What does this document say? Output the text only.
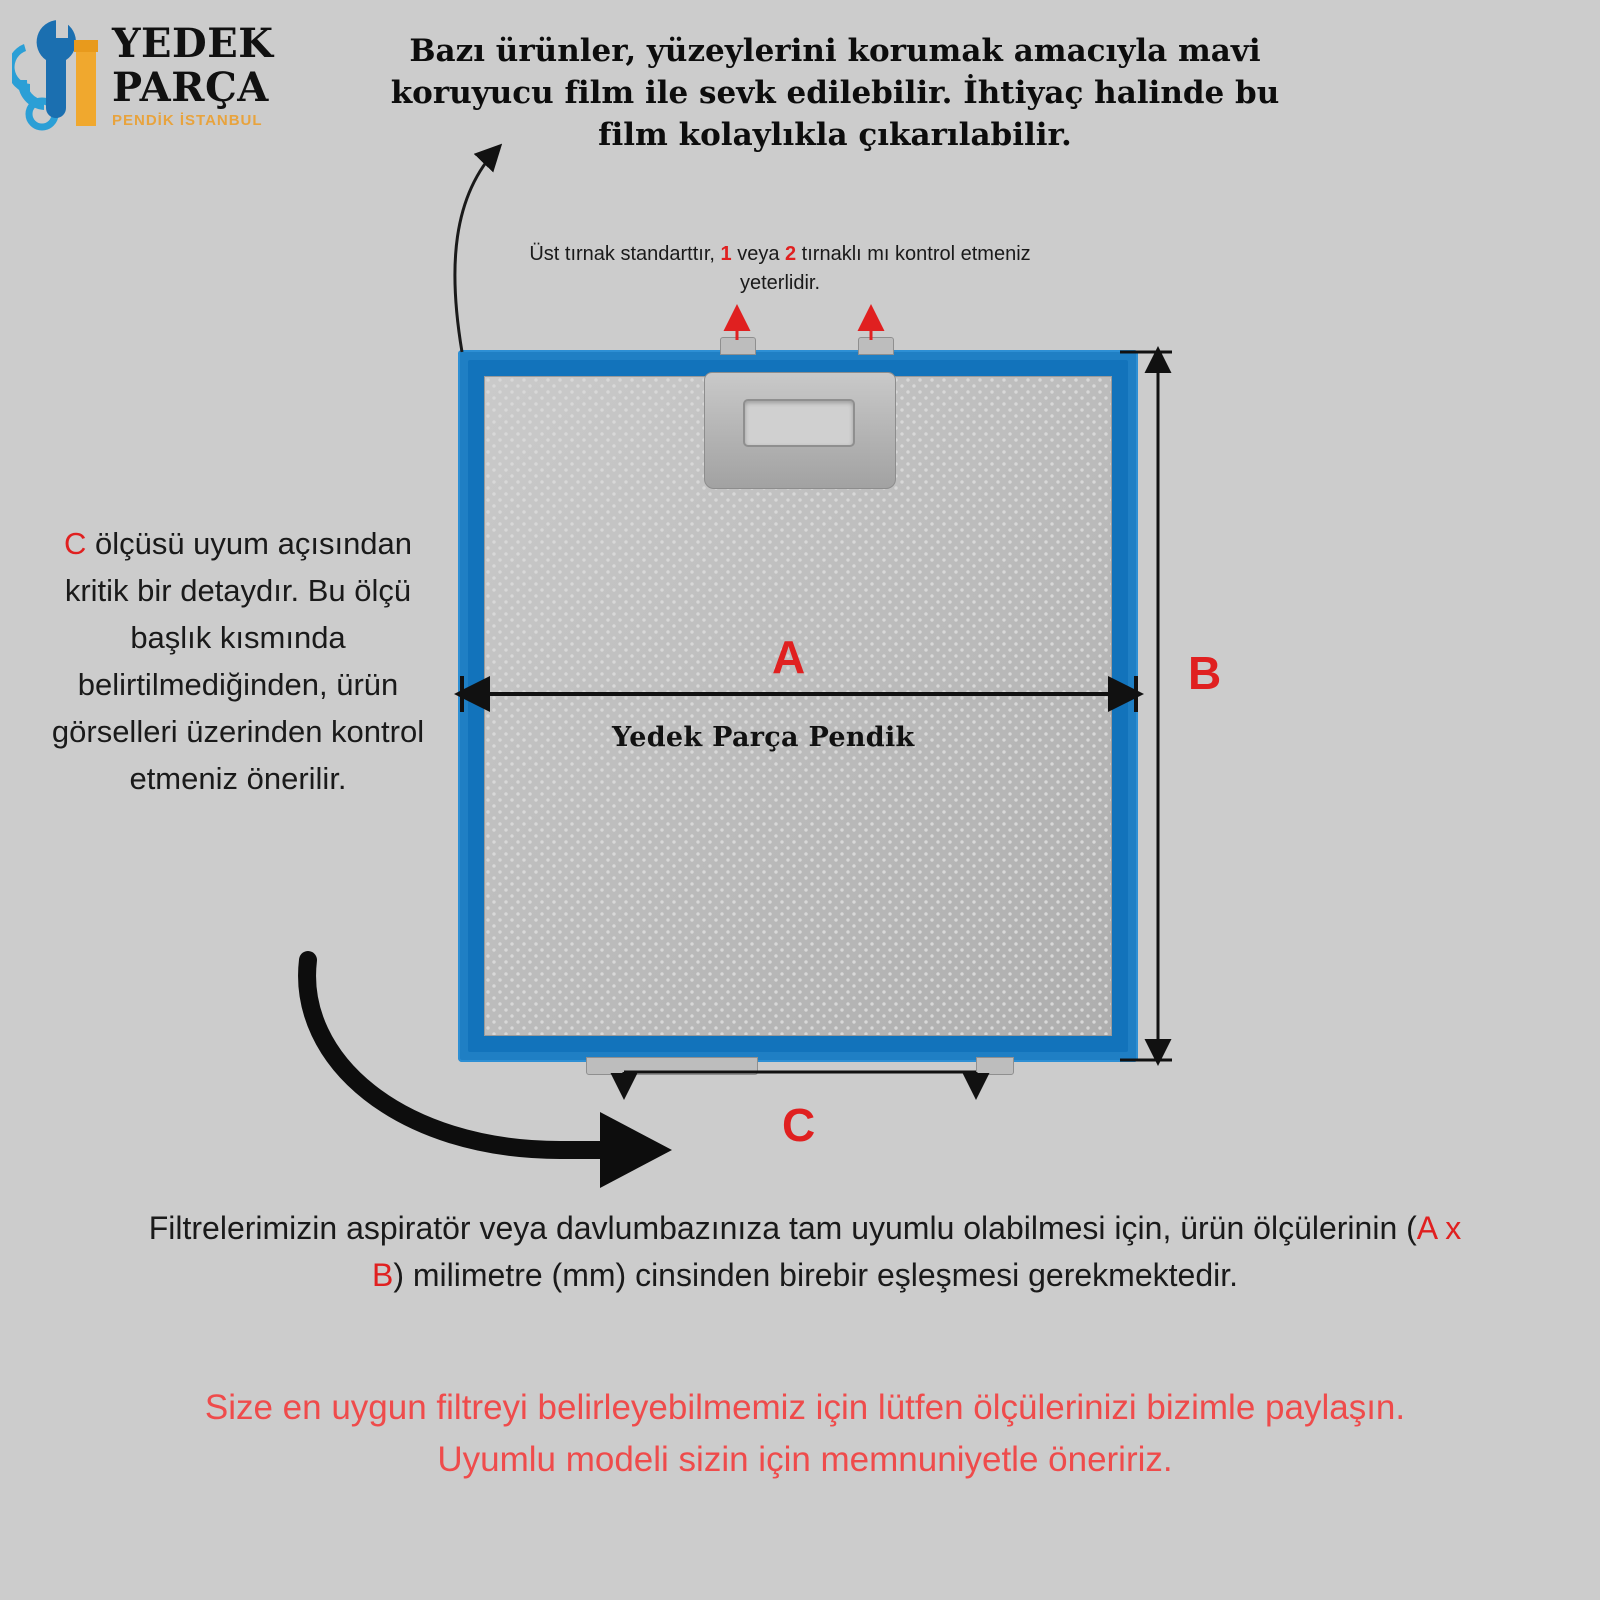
YEDEK
PARÇA
PENDİK İSTANBUL
Bazı ürünler, yüzeylerini korumak amacıyla mavi koruyucu film ile sevk edilebilir. İhtiyaç halinde bu film kolaylıkla çıkarılabilir.
Üst tırnak standarttır, 1 veya 2 tırnaklı mı kontrol etmeniz yeterlidir.
C ölçüsü uyum açısından kritik bir detaydır. Bu ölçü başlık kısmında belirtilmediğinden, ürün görselleri üzerinden kontrol etmeniz önerilir.
A	B
C
Yedek Parça Pendik
Filtrelerimizin aspiratör veya davlumbazınıza tam uyumlu olabilmesi için, ürün ölçülerinin (A x B) milimetre (mm) cinsinden birebir eşleşmesi gerekmektedir.
Size en uygun filtreyi belirleyebilmemiz için lütfen ölçülerinizi bizimle paylaşın. Uyumlu modeli sizin için memnuniyetle öneririz.
